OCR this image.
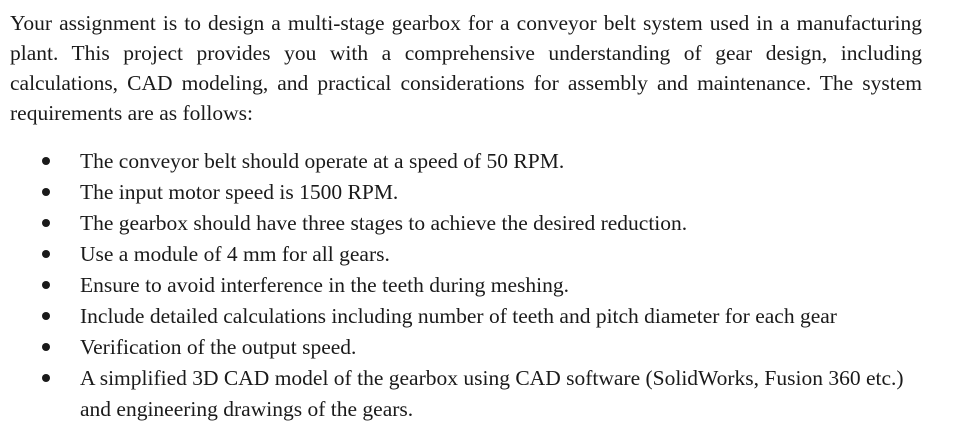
Your assignment is to design a multi-stage gearbox for a conveyor belt system used in a manufacturing plant. This project provides you with a comprehensive understanding of gear design, including calculations, CAD modeling, and practical considerations for assembly and maintenance. The system requirements are as follows:

The conveyor belt should operate at a speed of 50 RPM.
The input motor speed is 1500 RPM.
The gearbox should have three stages to achieve the desired reduction.
Use a module of 4 mm for all gears.
Ensure to avoid interference in the teeth during meshing.
Include detailed calculations including number of teeth and pitch diameter for each gear
Verification of the output speed.
A simplified 3D CAD model of the gearbox using CAD software (SolidWorks, Fusion 360 etc.) and engineering drawings of the gears.
